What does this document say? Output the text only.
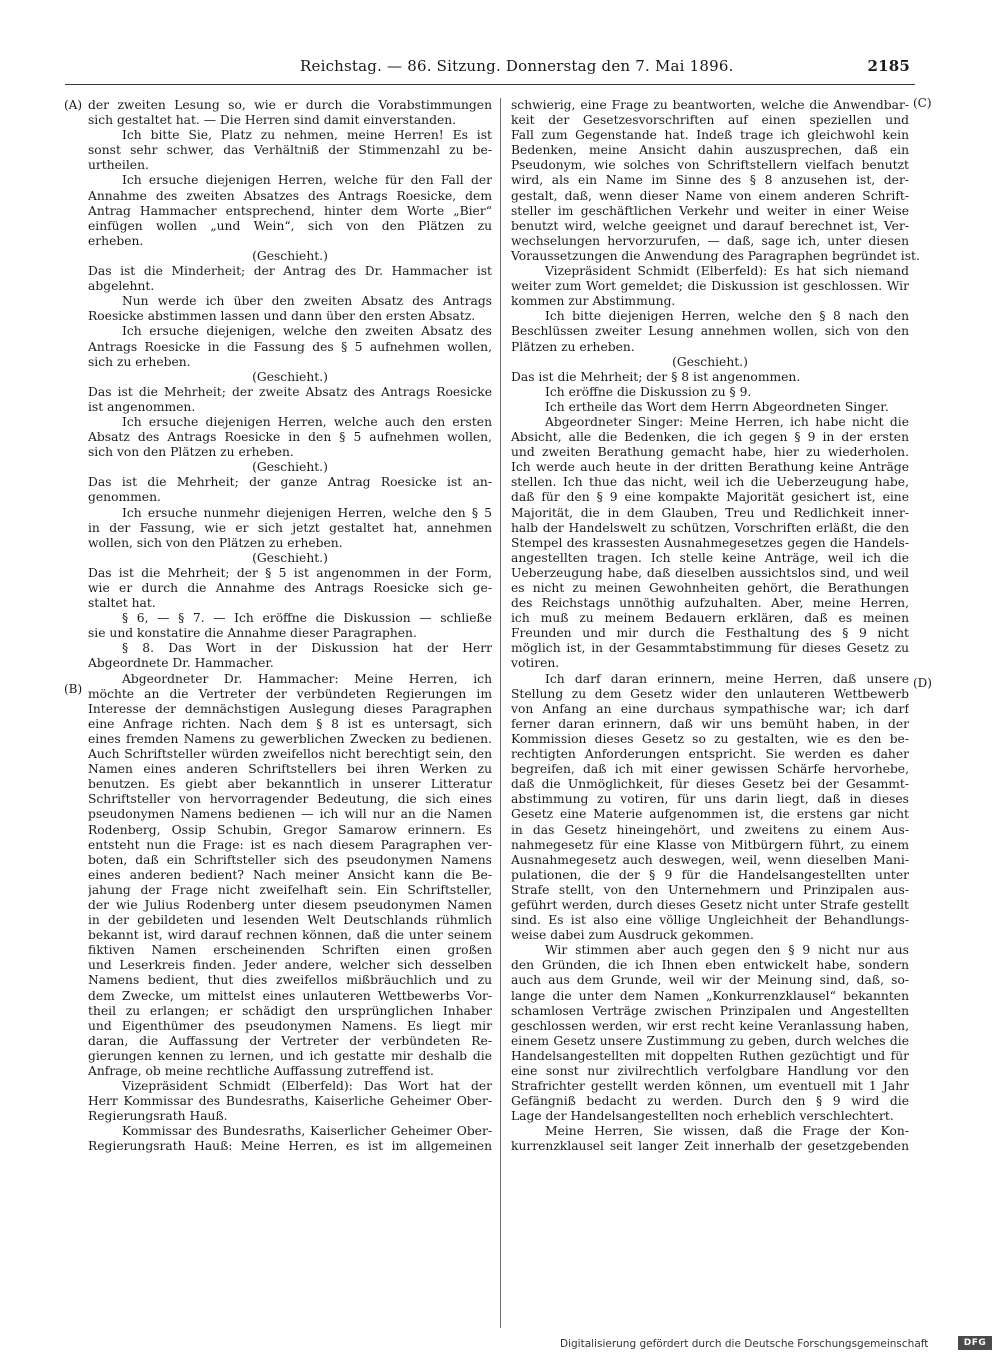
Reichstag. — 86. Sitzung. Donnerstag den 7. Mai 1896.	2185
(A)
(B)
(C)
(D)
der zweiten Lesung so, wie er durch die Vorabstimmungen
sich gestaltet hat. — Die Herren sind damit einverstanden.
Ich bitte Sie, Platz zu nehmen, meine Herren! Es ist
sonst sehr schwer, das Verhältniß der Stimmenzahl zu be-
urtheilen.
Ich ersuche diejenigen Herren, welche für den Fall der
Annahme des zweiten Absatzes des Antrags Roesicke, dem
Antrag Hammacher entsprechend, hinter dem Worte „Bier“
einfügen wollen „und Wein“, sich von den Plätzen zu
erheben.
(Geschieht.)
Das ist die Minderheit; der Antrag des Dr. Hammacher ist
abgelehnt.
Nun werde ich über den zweiten Absatz des Antrags
Roesicke abstimmen lassen und dann über den ersten Absatz.
Ich ersuche diejenigen, welche den zweiten Absatz des
Antrags Roesicke in die Fassung des § 5 aufnehmen wollen,
sich zu erheben.
(Geschieht.)
Das ist die Mehrheit; der zweite Absatz des Antrags Roesicke
ist angenommen.
Ich ersuche diejenigen Herren, welche auch den ersten
Absatz des Antrags Roesicke in den § 5 aufnehmen wollen,
sich von den Plätzen zu erheben.
(Geschieht.)
Das ist die Mehrheit; der ganze Antrag Roesicke ist an-
genommen.
Ich ersuche nunmehr diejenigen Herren, welche den § 5
in der Fassung, wie er sich jetzt gestaltet hat, annehmen
wollen, sich von den Plätzen zu erheben.
(Geschieht.)
Das ist die Mehrheit; der § 5 ist angenommen in der Form,
wie er durch die Annahme des Antrags Roesicke sich ge-
staltet hat.
§ 6, — § 7. — Ich eröffne die Diskussion — schließe
sie und konstatire die Annahme dieser Paragraphen.
§ 8. Das Wort in der Diskussion hat der Herr
Abgeordnete Dr. Hammacher.
Abgeordneter Dr. Hammacher: Meine Herren, ich
möchte an die Vertreter der verbündeten Regierungen im
Interesse der demnächstigen Auslegung dieses Paragraphen
eine Anfrage richten. Nach dem § 8 ist es untersagt, sich
eines fremden Namens zu gewerblichen Zwecken zu bedienen.
Auch Schriftsteller würden zweifellos nicht berechtigt sein, den
Namen eines anderen Schriftstellers bei ihren Werken zu
benutzen. Es giebt aber bekanntlich in unserer Litteratur
Schriftsteller von hervorragender Bedeutung, die sich eines
pseudonymen Namens bedienen — ich will nur an die Namen
Rodenberg, Ossip Schubin, Gregor Samarow erinnern. Es
entsteht nun die Frage: ist es nach diesem Paragraphen ver-
boten, daß ein Schriftsteller sich des pseudonymen Namens
eines anderen bedient? Nach meiner Ansicht kann die Be-
jahung der Frage nicht zweifelhaft sein. Ein Schriftsteller,
der wie Julius Rodenberg unter diesem pseudonymen Namen
in der gebildeten und lesenden Welt Deutschlands rühmlich
bekannt ist, wird darauf rechnen können, daß die unter seinem
fiktiven Namen erscheinenden Schriften einen großen
und Leserkreis finden. Jeder andere, welcher sich desselben
Namens bedient, thut dies zweifellos mißbräuchlich und zu
dem Zwecke, um mittelst eines unlauteren Wettbewerbs Vor-
theil zu erlangen; er schädigt den ursprünglichen Inhaber
und Eigenthümer des pseudonymen Namens. Es liegt mir
daran, die Auffassung der Vertreter der verbündeten Re-
gierungen kennen zu lernen, und ich gestatte mir deshalb die
Anfrage, ob meine rechtliche Auffassung zutreffend ist.
Vizepräsident Schmidt (Elberfeld): Das Wort hat der
Herr Kommissar des Bundesraths, Kaiserliche Geheimer Ober-
Regierungsrath Hauß.
Kommissar des Bundesraths, Kaiserlicher Geheimer Ober-
Regierungsrath Hauß: Meine Herren, es ist im allgemeinen
schwierig, eine Frage zu beantworten, welche die Anwendbar-
keit der Gesetzesvorschriften auf einen speziellen und
Fall zum Gegenstande hat. Indeß trage ich gleichwohl kein
Bedenken, meine Ansicht dahin auszusprechen, daß ein
Pseudonym, wie solches von Schriftstellern vielfach benutzt
wird, als ein Name im Sinne des § 8 anzusehen ist, der-
gestalt, daß, wenn dieser Name von einem anderen Schrift-
steller im geschäftlichen Verkehr und weiter in einer Weise
benutzt wird, welche geeignet und darauf berechnet ist, Ver-
wechselungen hervorzurufen, — daß, sage ich, unter diesen
Voraussetzungen die Anwendung des Paragraphen begründet ist.
Vizepräsident Schmidt (Elberfeld): Es hat sich niemand
weiter zum Wort gemeldet; die Diskussion ist geschlossen. Wir
kommen zur Abstimmung.
Ich bitte diejenigen Herren, welche den § 8 nach den
Beschlüssen zweiter Lesung annehmen wollen, sich von den
Plätzen zu erheben.
(Geschieht.)
Das ist die Mehrheit; der § 8 ist angenommen.
Ich eröffne die Diskussion zu § 9.
Ich ertheile das Wort dem Herrn Abgeordneten Singer.
Abgeordneter Singer: Meine Herren, ich habe nicht die
Absicht, alle die Bedenken, die ich gegen § 9 in der ersten
und zweiten Berathung gemacht habe, hier zu wiederholen.
Ich werde auch heute in der dritten Berathung keine Anträge
stellen. Ich thue das nicht, weil ich die Ueberzeugung habe,
daß für den § 9 eine kompakte Majorität gesichert ist, eine
Majorität, die in dem Glauben, Treu und Redlichkeit inner-
halb der Handelswelt zu schützen, Vorschriften erläßt, die den
Stempel des krassesten Ausnahmegesetzes gegen die Handels-
angestellten tragen. Ich stelle keine Anträge, weil ich die
Ueberzeugung habe, daß dieselben aussichtslos sind, und weil
es nicht zu meinen Gewohnheiten gehört, die Berathungen
des Reichstags unnöthig aufzuhalten. Aber, meine Herren,
ich muß zu meinem Bedauern erklären, daß es meinen
Freunden und mir durch die Festhaltung des § 9 nicht
möglich ist, in der Gesammtabstimmung für dieses Gesetz zu
votiren.
Ich darf daran erinnern, meine Herren, daß unsere
Stellung zu dem Gesetz wider den unlauteren Wettbewerb
von Anfang an eine durchaus sympathische war; ich darf
ferner daran erinnern, daß wir uns bemüht haben, in der
Kommission dieses Gesetz so zu gestalten, wie es den be-
rechtigten Anforderungen entspricht. Sie werden es daher
begreifen, daß ich mit einer gewissen Schärfe hervorhebe,
daß die Unmöglichkeit, für dieses Gesetz bei der Gesammt-
abstimmung zu votiren, für uns darin liegt, daß in dieses
Gesetz eine Materie aufgenommen ist, die erstens gar nicht
in das Gesetz hineingehört, und zweitens zu einem Aus-
nahmegesetz für eine Klasse von Mitbürgern führt, zu einem
Ausnahmegesetz auch deswegen, weil, wenn dieselben Mani-
pulationen, die der § 9 für die Handelsangestellten unter
Strafe stellt, von den Unternehmern und Prinzipalen aus-
geführt werden, durch dieses Gesetz nicht unter Strafe gestellt
sind. Es ist also eine völlige Ungleichheit der Behandlungs-
weise dabei zum Ausdruck gekommen.
Wir stimmen aber auch gegen den § 9 nicht nur aus
den Gründen, die ich Ihnen eben entwickelt habe, sondern
auch aus dem Grunde, weil wir der Meinung sind, daß, so-
lange die unter dem Namen „Konkurrenzklausel“ bekannten
schamlosen Verträge zwischen Prinzipalen und Angestellten
geschlossen werden, wir erst recht keine Veranlassung haben,
einem Gesetz unsere Zustimmung zu geben, durch welches die
Handelsangestellten mit doppelten Ruthen gezüchtigt und für
eine sonst nur zivilrechtlich verfolgbare Handlung vor den
Strafrichter gestellt werden können, um eventuell mit 1 Jahr
Gefängniß bedacht zu werden. Durch den § 9 wird die
Lage der Handelsangestellten noch erheblich verschlechtert.
Meine Herren, Sie wissen, daß die Frage der Kon-
kurrenzklausel seit langer Zeit innerhalb der gesetzgebenden
Digitalisierung gefördert durch die Deutsche Forschungsgemeinschaft	DFG
